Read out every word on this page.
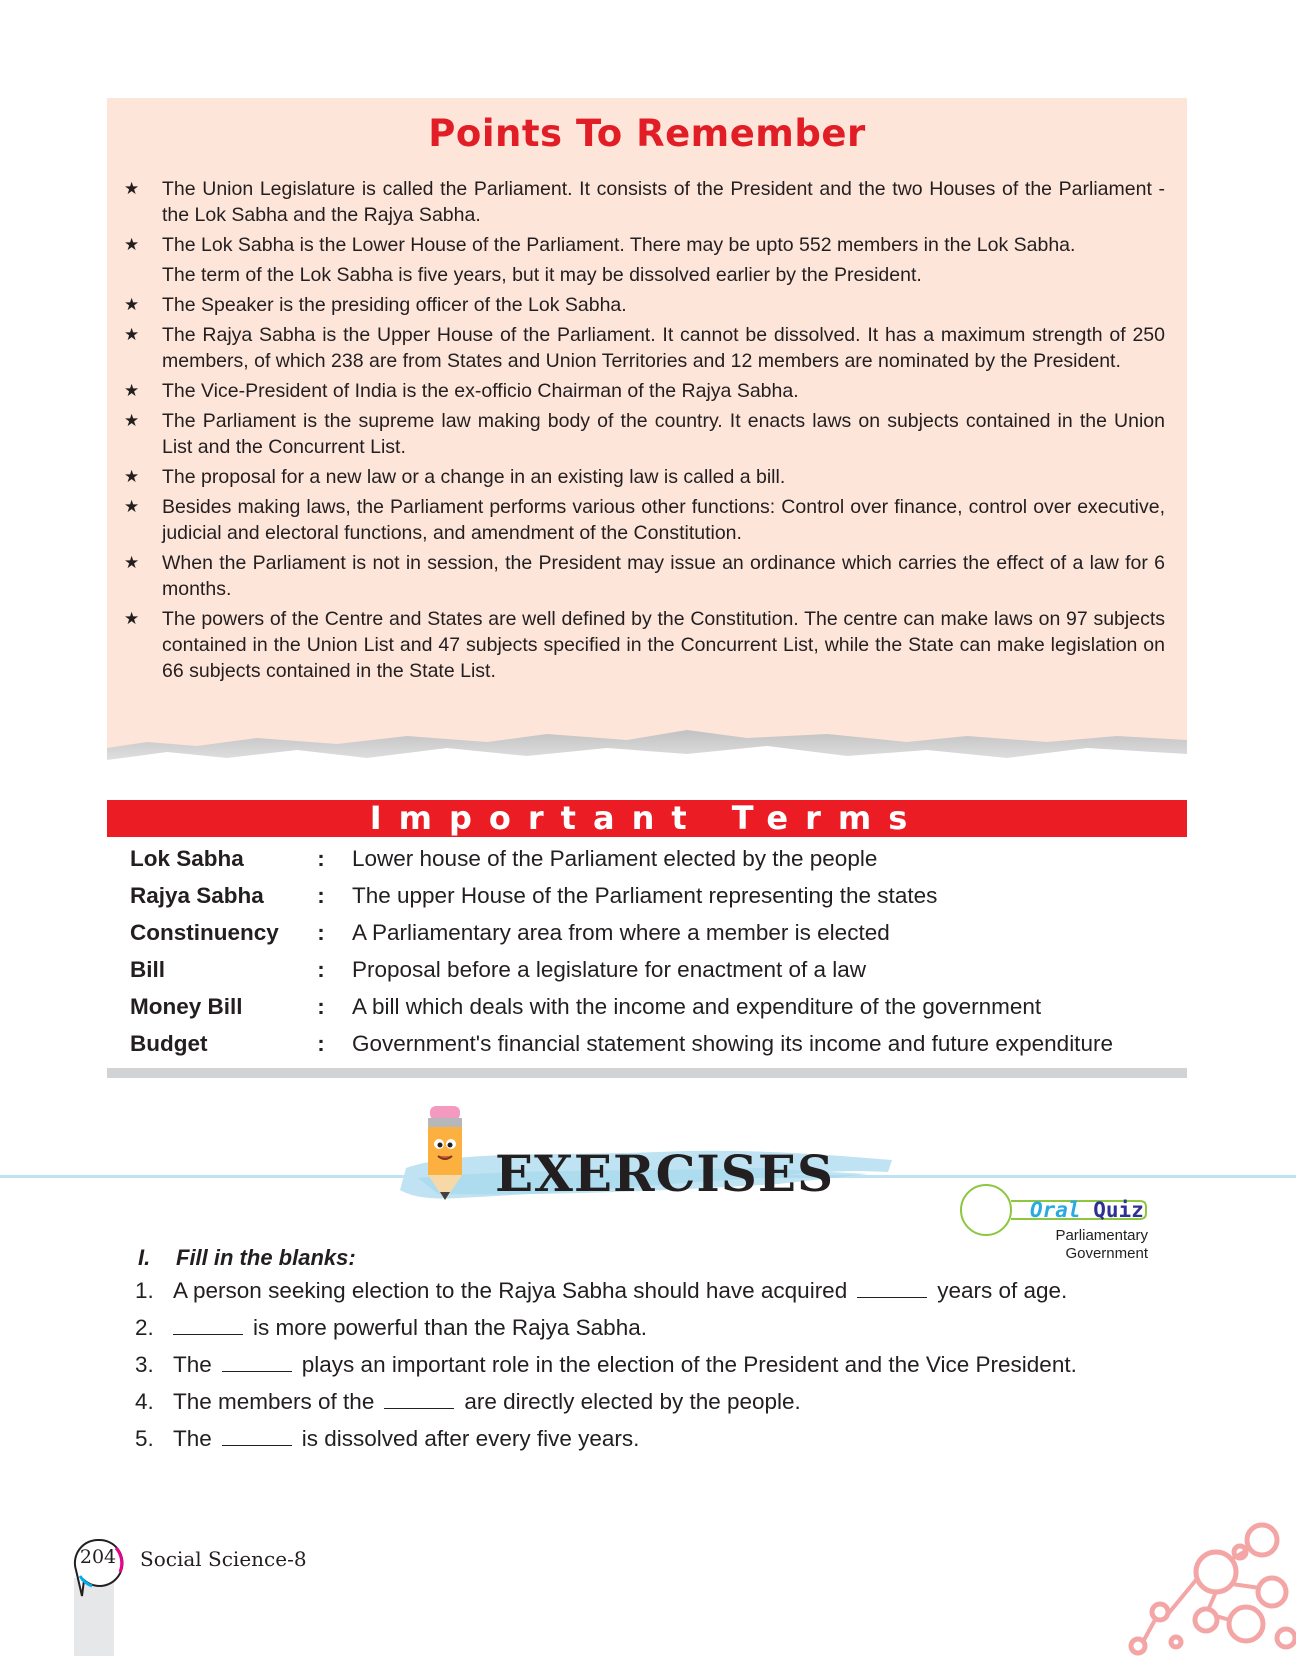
Points To Remember
★ The Union Legislature is called the Parliament. It consists of the President and the two Houses of the Parliament - the Lok Sabha and the Rajya Sabha.
★ The Lok Sabha is the Lower House of the Parliament. There may be upto 552 members in the Lok Sabha.
The term of the Lok Sabha is five years, but it may be dissolved earlier by the President.
★ The Speaker is the presiding officer of the Lok Sabha.
★ The Rajya Sabha is the Upper House of the Parliament. It cannot be dissolved. It has a maximum strength of 250 members, of which 238 are from States and Union Territories and 12 members are nominated by the President.
★ The Vice-President of India is the ex-officio Chairman of the Rajya Sabha.
★ The Parliament is the supreme law making body of the country. It enacts laws on subjects contained in the Union List and the Concurrent List.
★ The proposal for a new law or a change in an existing law is called a bill.
★ Besides making laws, the Parliament performs various other functions: Control over finance, control over executive, judicial and electoral functions, and amendment of the Constitution.
★ When the Parliament is not in session, the President may issue an ordinance which carries the effect of a law for 6 months.
★ The powers of the Centre and States are well defined by the Constitution. The centre can make laws on 97 subjects contained in the Union List and 47 subjects specified in the Concurrent List, while the State can make legislation on 66 subjects contained in the State List.
Important Terms
Lok Sabha	:	Lower house of the Parliament elected by the people
Rajya Sabha	:	The upper House of the Parliament representing the states
Constinuency	:	A Parliamentary area from where a member is elected
Bill	:	Proposal before a legislature for enactment of a law
Money Bill	:	A bill which deals with the income and expenditure of the government
Budget	:	Government's financial statement showing its income and future expenditure
EXERCISES
Oral Quiz
Parliamentary
Government
I. Fill in the blanks:
1. A person seeking election to the Rajya Sabha should have acquired	years of age.
2.	is more powerful than the Rajya Sabha.
3. The	plays an important role in the election of the President and the Vice President.
4. The members of the	are directly elected by the people.
5. The	is dissolved after every five years.
204 Social Science-8
